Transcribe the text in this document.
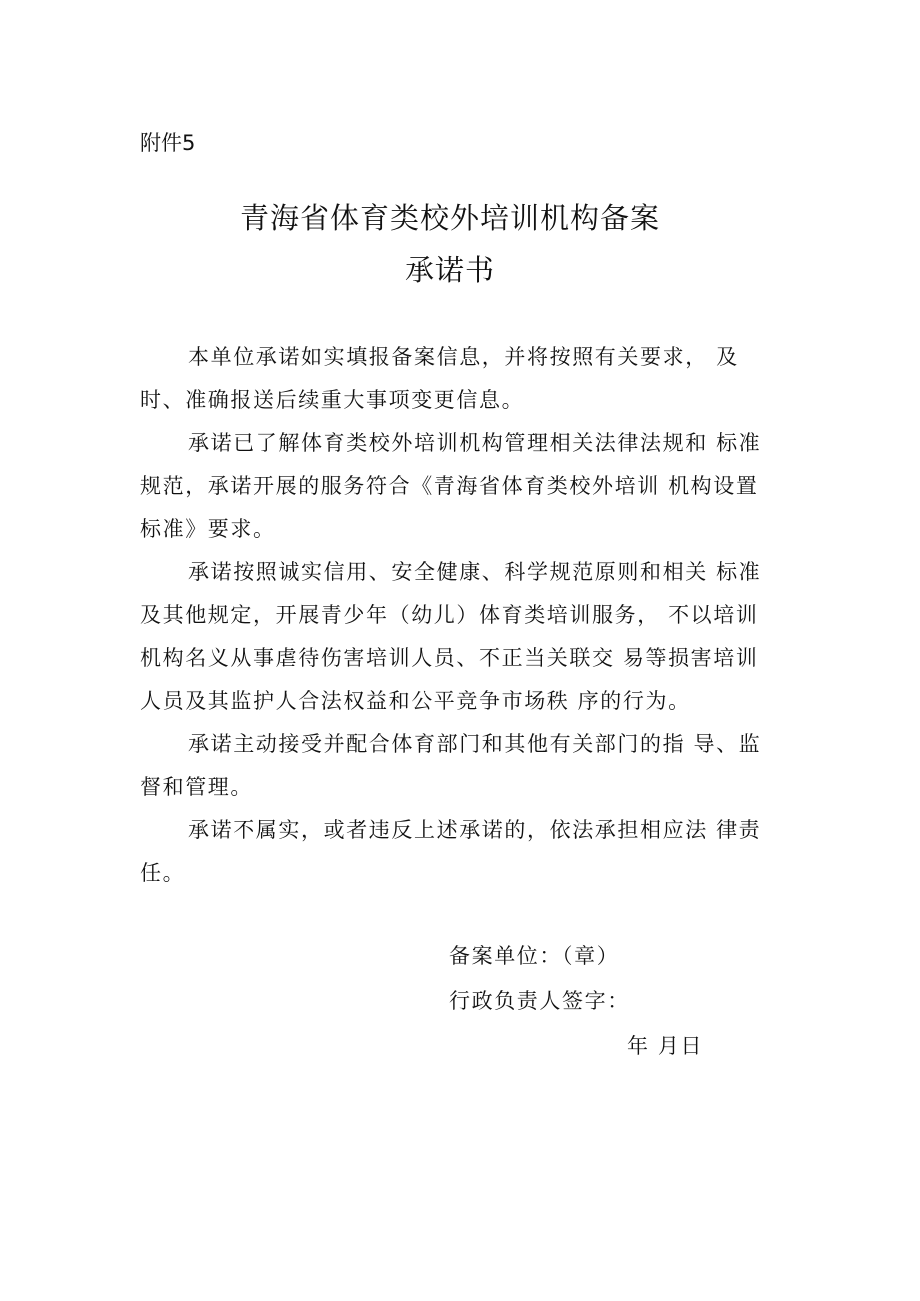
附件5
青海省体育类校外培训机构备案
承诺书

本单位承诺如实填报备案信息，并将按照有关要求， 及时、准确报送后续重大事项变更信息。

承诺已了解体育类校外培训机构管理相关法律法规和 标准规范，承诺开展的服务符合《青海省体育类校外培训 机构设置标准》要求。

承诺按照诚实信用、安全健康、科学规范原则和相关 标准及其他规定，开展青少年（幼儿）体育类培训服务， 不以培训机构名义从事虐待伤害培训人员、不正当关联交 易等损害培训人员及其监护人合法权益和公平竞争市场秩 序的行为。

承诺主动接受并配合体育部门和其他有关部门的指 导、监督和管理。

承诺不属实，或者违反上述承诺的，依法承担相应法 律责任。

备案单位：（章）
行政负责人签字：
年 月日
